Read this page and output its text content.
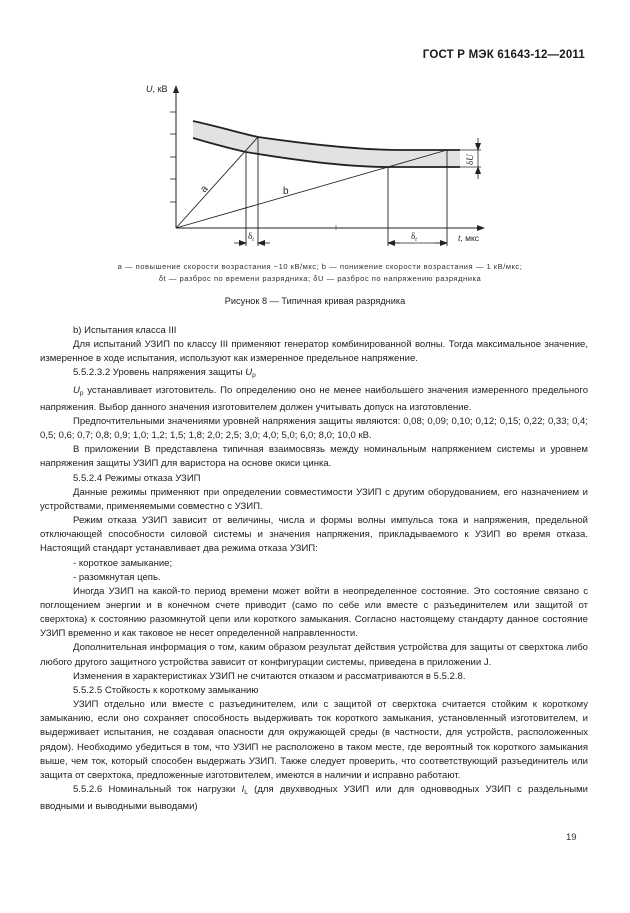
ГОСТ Р МЭК 61643-12—2011
U, кВ
t, мкс
a	b
$\delta_t$	$\delta_t$
δU
a — повышение скорости возрастания ~10 кВ/мкс; b — понижение скорости возрастания — 1 кВ/мкс;
δt — разброс по времени разрядника; δU — разброс по напряжению разрядника
Рисунок 8 — Типичная кривая разрядника

b) Испытания класса III

Для испытаний УЗИП по классу III применяют генератор комбинированной волны. Тогда максимальное значение, измеренное в ходе испытания, используют как измеренное предельное напряжение.

5.5.2.3.2 Уровень напряжения защиты $U_p$

$U_p$ устанавливает изготовитель. По определению оно не менее наибольшего значения измеренного предельного напряжения. Выбор данного значения изготовителем должен учитывать допуск на изготовление.

Предпочтительными значениями уровней напряжения защиты являются: 0,08; 0,09; 0,10; 0,12; 0,15; 0,22; 0,33; 0,4; 0,5; 0,6; 0,7; 0,8; 0,9; 1,0; 1,2; 1,5; 1,8; 2,0; 2,5; 3,0; 4,0; 5,0; 6,0; 8,0; 10,0 кВ.

В приложении В представлена типичная взаимосвязь между номинальным напряжением системы и уровнем напряжения защиты УЗИП для варистора на основе окиси цинка.

5.5.2.4 Режимы отказа УЗИП

Данные режимы применяют при определении совместимости УЗИП с другим оборудованием, его назначением и устройствами, применяемыми совместно с УЗИП.

Режим отказа УЗИП зависит от величины, числа и формы волны импульса тока и напряжения, предельной отключающей способности силовой системы и значения напряжения, прикладываемого к УЗИП во время отказа. Настоящий стандарт устанавливает два режима отказа УЗИП:

- короткое замыкание;

- разомкнутая цепь.

Иногда УЗИП на какой-то период времени может войти в неопределенное состояние. Это состояние связано с поглощением энергии и в конечном счете приводит (само по себе или вместе с разъединителем или защитой от сверхтока) к состоянию разомкнутой цепи или короткого замыкания. Согласно настоящему стандарту данное состояние УЗИП временно и как таковое не несет определенной направленности.

Дополнительная информация о том, каким образом результат действия устройства для защиты от сверхтока либо любого другого защитного устройства зависит от конфигурации системы, приведена в приложении J.

Изменения в характеристиках УЗИП не считаются отказом и рассматриваются в 5.5.2.8.

5.5.2.5 Стойкость к короткому замыканию

УЗИП отдельно или вместе с разъединителем, или с защитой от сверхтока считается стойким к короткому замыканию, если оно сохраняет способность выдерживать ток короткого замыкания, установленный изготовителем, и выдерживает испытания, не создавая опасности для окружающей среды (в частности, для устройств, расположенных рядом). Необходимо убедиться в том, что УЗИП не расположено в таком месте, где вероятный ток короткого замыкания выше, чем ток, который способен выдержать УЗИП. Также следует проверить, что соответствующий разъединитель или защита от сверхтока, предложенные изготовителем, имеются в наличии и исправно работают.

5.5.2.6 Номинальный ток нагрузки $I_L$ (для двухвводных УЗИП или для одновводных УЗИП с раздельными вводными и выводными выводами)

19
